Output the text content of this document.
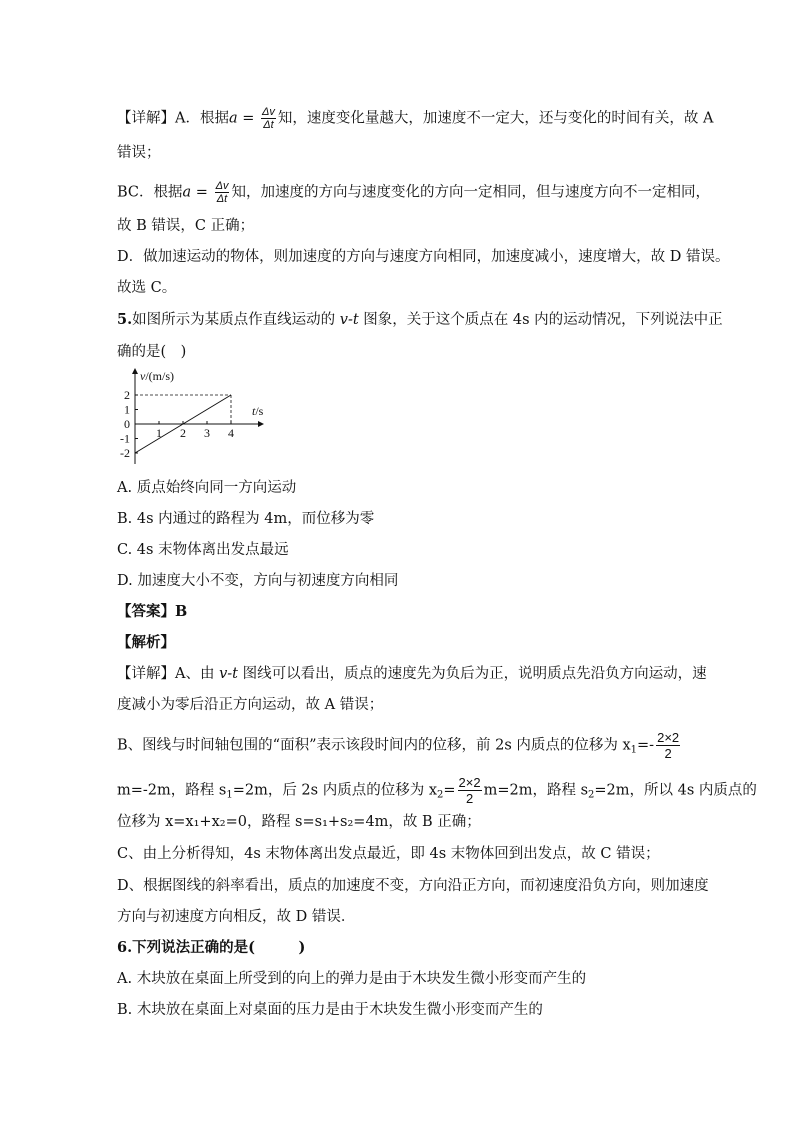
【详解】A．根据$a = \frac{\Delta v}{\Delta t}$ 知，速度变化量越大，加速度不一定大，还与变化的时间有关，故 A
错误；
BC．根据$a = \frac{\Delta v}{\Delta t}$ 知，加速度的方向与速度变化的方向一定相同，但与速度方向不一定相同，
故 B 错误，C 正确；
D．做加速运动的物体，则加速度的方向与速度方向相同，加速度减小，速度增大，故 D 错误。
故选 C。
5.如图所示为某质点作直线运动的 v-t 图象，关于这个质点在 4s 内的运动情况，下列说法中正
确的是(　)
v/(m/s)
t/s
2
1
0
-1
-2
1 2 3 4
A. 质点始终向同一方向运动
B. 4s 内通过的路程为 4m，而位移为零
C. 4s 末物体离出发点最远
D. 加速度大小不变，方向与初速度方向相同
【答案】B
【解析】
【详解】A、由 v-t 图线可以看出，质点的速度先为负后为正，说明质点先沿负方向运动，速
度减小为零后沿正方向运动，故 A 错误；
B、图线与时间轴包围的“面积”表示该段时间内的位移，前 2s 内质点的位移为 $x_1=- \frac{2\times 2}{2}$
m=-2m，路程 $s_1=2m$，后 2s 内质点的位移为 $x_2= \frac{2\times 2}{2} m=2m$，路程 $s_2=2m$，所以 4s 内质点的
位移为 x=x₁+x₂=0，路程 s=s₁+s₂=4m，故 B 正确；
C、由上分析得知，4s 末物体离出发点最近，即 4s 末物体回到出发点，故 C 错误；
D、根据图线的斜率看出，质点的加速度不变，方向沿正方向，而初速度沿负方向，则加速度
方向与初速度方向相反，故 D 错误．
6.下列说法正确的是(　　　)
A. 木块放在桌面上所受到的向上的弹力是由于木块发生微小形变而产生的
B. 木块放在桌面上对桌面的压力是由于木块发生微小形变而产生的
